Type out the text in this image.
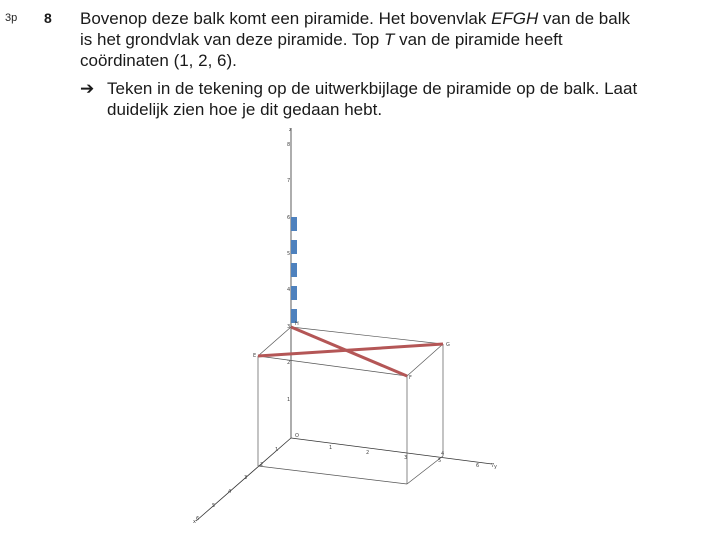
3p 8 Bovenop deze balk komt een piramide. Het bovenvlak EFGH van de balk

is het grondvlak van deze piramide. Top T van de piramide heeft

coördinaten (1, 2, 6).

➔ Teken in de tekening op de uitwerkbijlage de piramide op de balk. Laat

duidelijk zien hoe je dit gedaan hebt.

E
G
F
H
O
z
y
x
1
2
3
4
5
6
7
8
1
2
3
4
5
6 7
1
2
3
4
5
6
